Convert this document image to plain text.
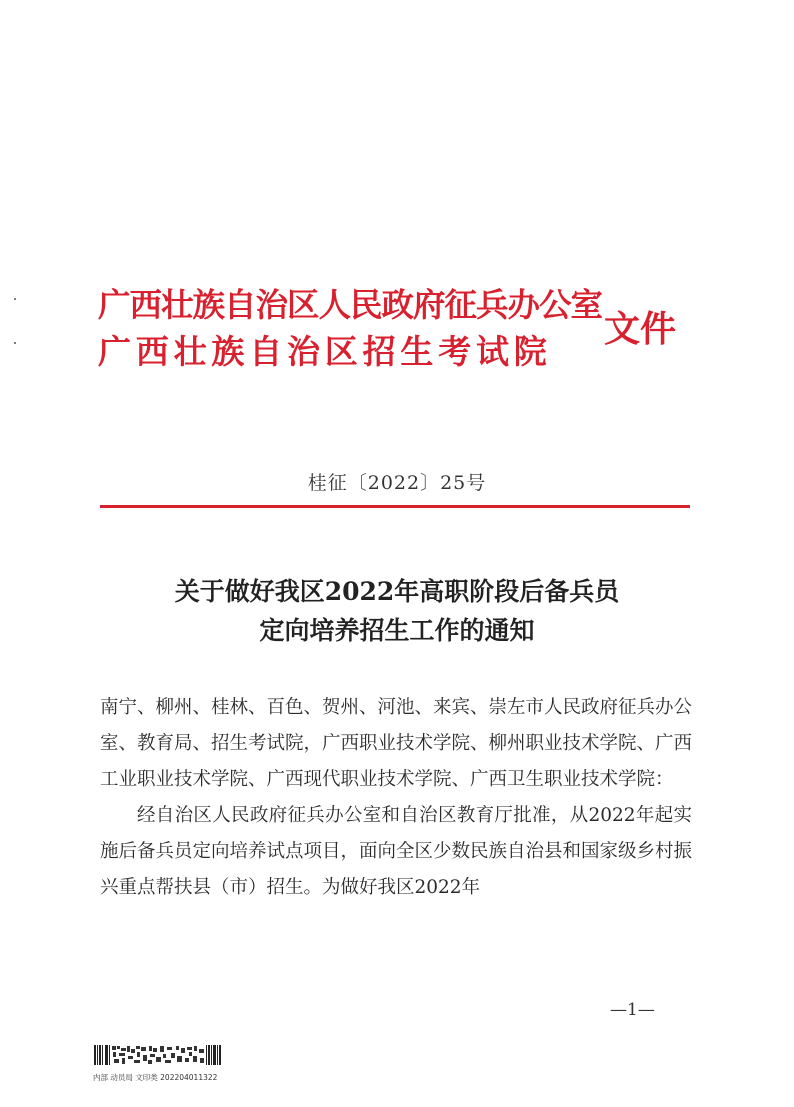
广西壮族自治区人民政府征兵办公室
广西壮族自治区招生考试院
文件
桂征〔2022〕25号
关于做好我区2022年高职阶段后备兵员
定向培养招生工作的通知

南宁、柳州、桂林、百色、贺州、河池、来宾、崇左市人民政府征兵办公室、教育局、招生考试院，广西职业技术学院、柳州职业技术学院、广西工业职业技术学院、广西现代职业技术学院、广西卫生职业技术学院：

经自治区人民政府征兵办公室和自治区教育厅批准，从2022年起实施后备兵员定向培养试点项目，面向全区少数民族自治县和国家级乡村振兴重点帮扶县（市）招生。为做好我区2022年

—1—
内部 动员局 文印类 202204011322
